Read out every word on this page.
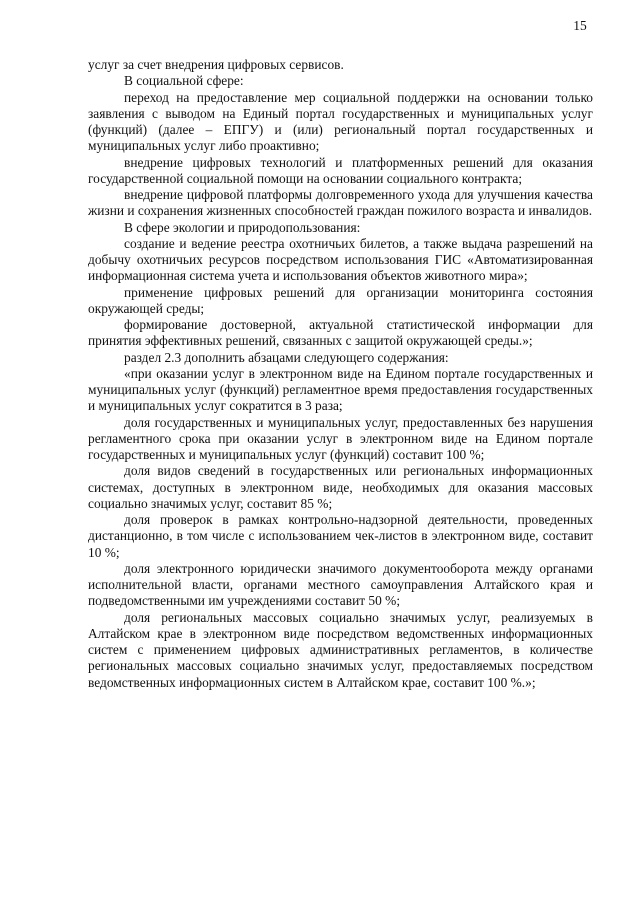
15

услуг за счет внедрения цифровых сервисов.

В социальной сфере:

переход на предоставление мер социальной поддержки на основании только заявления с выводом на Единый портал государственных и муниципальных услуг (функций) (далее – ЕПГУ) и (или) региональный портал государственных и муниципальных услуг либо проактивно;

внедрение цифровых технологий и платформенных решений для оказания государственной социальной помощи на основании социального контракта;

внедрение цифровой платформы долговременного ухода для улучшения качества жизни и сохранения жизненных способностей граждан пожилого возраста и инвалидов.

В сфере экологии и природопользования:

создание и ведение реестра охотничьих билетов, а также выдача разрешений на добычу охотничьих ресурсов посредством использования ГИС «Автоматизированная информационная система учета и использования объектов животного мира»;

применение цифровых решений для организации мониторинга состояния окружающей среды;

формирование достоверной, актуальной статистической информации для принятия эффективных решений, связанных с защитой окружающей среды.»;

раздел 2.3 дополнить абзацами следующего содержания:

«при оказании услуг в электронном виде на Едином портале государственных и муниципальных услуг (функций) регламентное время предоставления государственных и муниципальных услуг сократится в 3 раза;

доля государственных и муниципальных услуг, предоставленных без нарушения регламентного срока при оказании услуг в электронном виде на Едином портале государственных и муниципальных услуг (функций) составит 100 %;

доля видов сведений в государственных или региональных информационных системах, доступных в электронном виде, необходимых для оказания массовых социально значимых услуг, составит 85 %;

доля проверок в рамках контрольно-надзорной деятельности, проведенных дистанционно, в том числе с использованием чек-листов в электронном виде, составит 10 %;

доля электронного юридически значимого документооборота между органами исполнительной власти, органами местного самоуправления Алтайского края и подведомственными им учреждениями составит 50 %;

доля региональных массовых социально значимых услуг, реализуемых в Алтайском крае в электронном виде посредством ведомственных информационных систем с применением цифровых административных регламентов, в количестве региональных массовых социально значимых услуг, предоставляемых посредством ведомственных информационных систем в Алтайском крае, составит 100 %.»;
